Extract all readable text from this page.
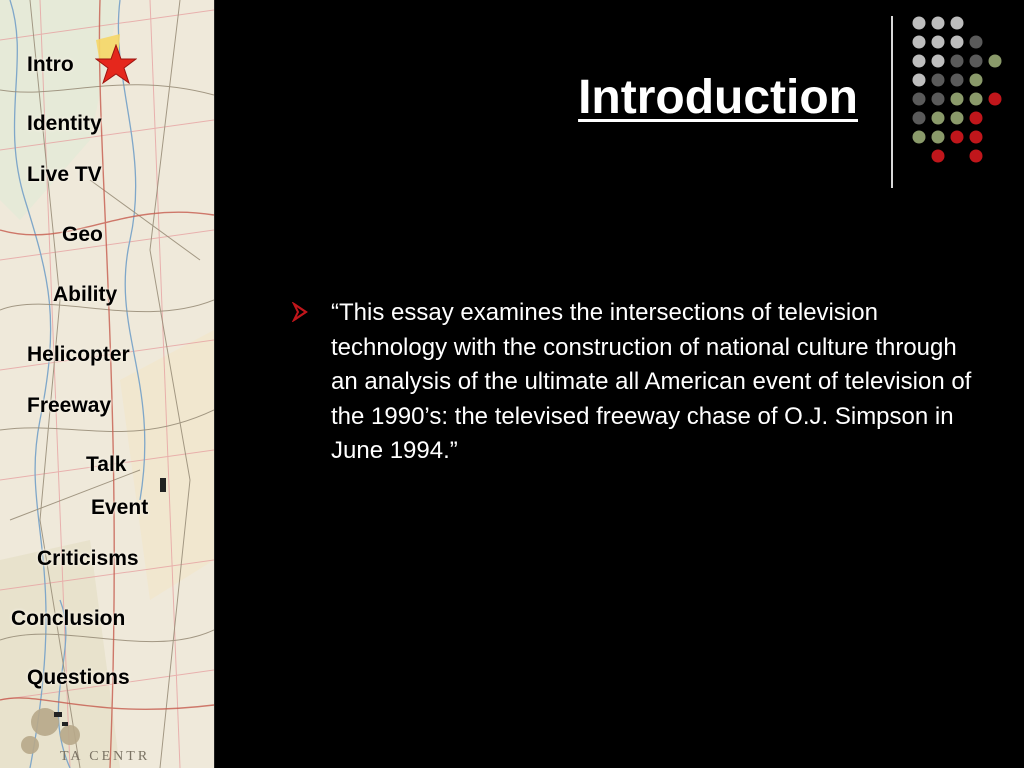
TA CENTR
Intro
Identity
Live TV
Geo
Ability
Helicopter
Freeway
Talk
Event
Criticisms
Conclusion
Questions
Introduction
“This essay examines the intersections of television technology with the construction of national culture through an analysis of the ultimate all American event of television of the 1990’s: the televised freeway chase of O.J. Simpson in June 1994.”
